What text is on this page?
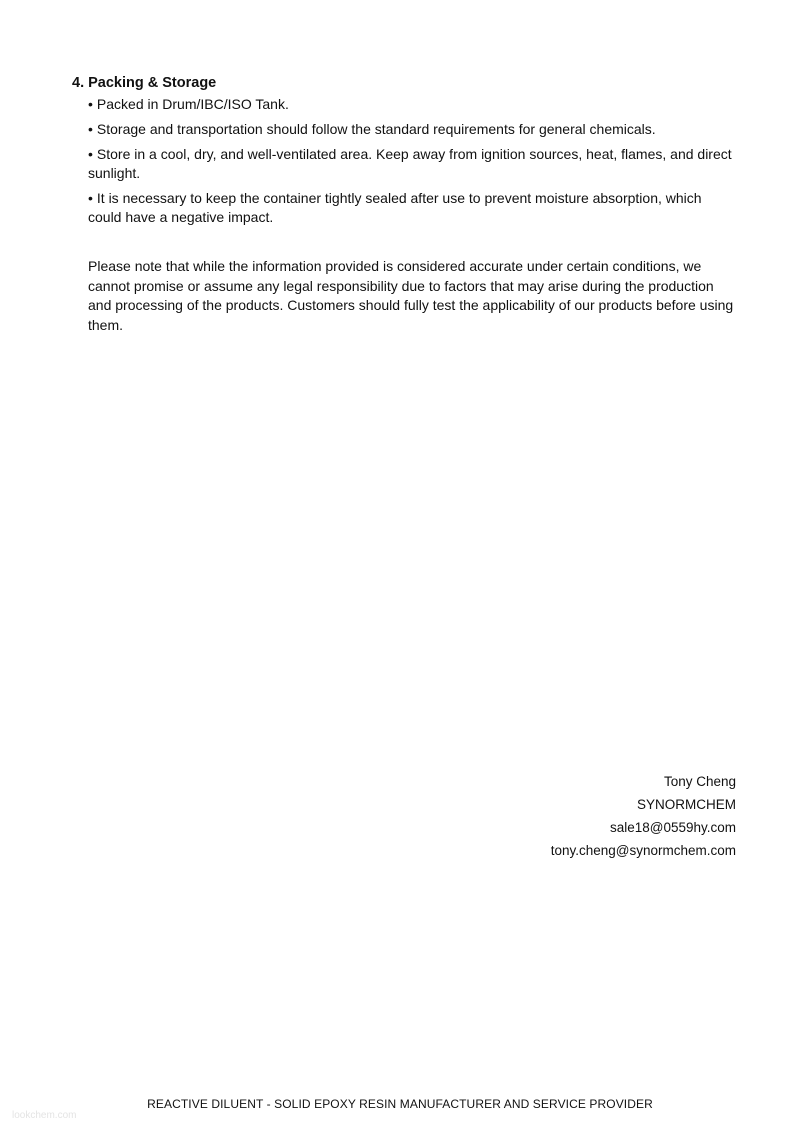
4. Packing & Storage
• Packed in Drum/IBC/ISO Tank.
• Storage and transportation should follow the standard requirements for general chemicals.
• Store in a cool, dry, and well-ventilated area. Keep away from ignition sources, heat, flames, and direct sunlight.
• It is necessary to keep the container tightly sealed after use to prevent moisture absorption, which could have a negative impact.

Please note that while the information provided is considered accurate under certain conditions, we cannot promise or assume any legal responsibility due to factors that may arise during the production and processing of the products. Customers should fully test the applicability of our products before using them.

Tony Cheng
SYNORMCHEM
sale18@0559hy.com
tony.cheng@synormchem.com
REACTIVE DILUENT - SOLID EPOXY RESIN MANUFACTURER AND SERVICE PROVIDER
lookchem.com
